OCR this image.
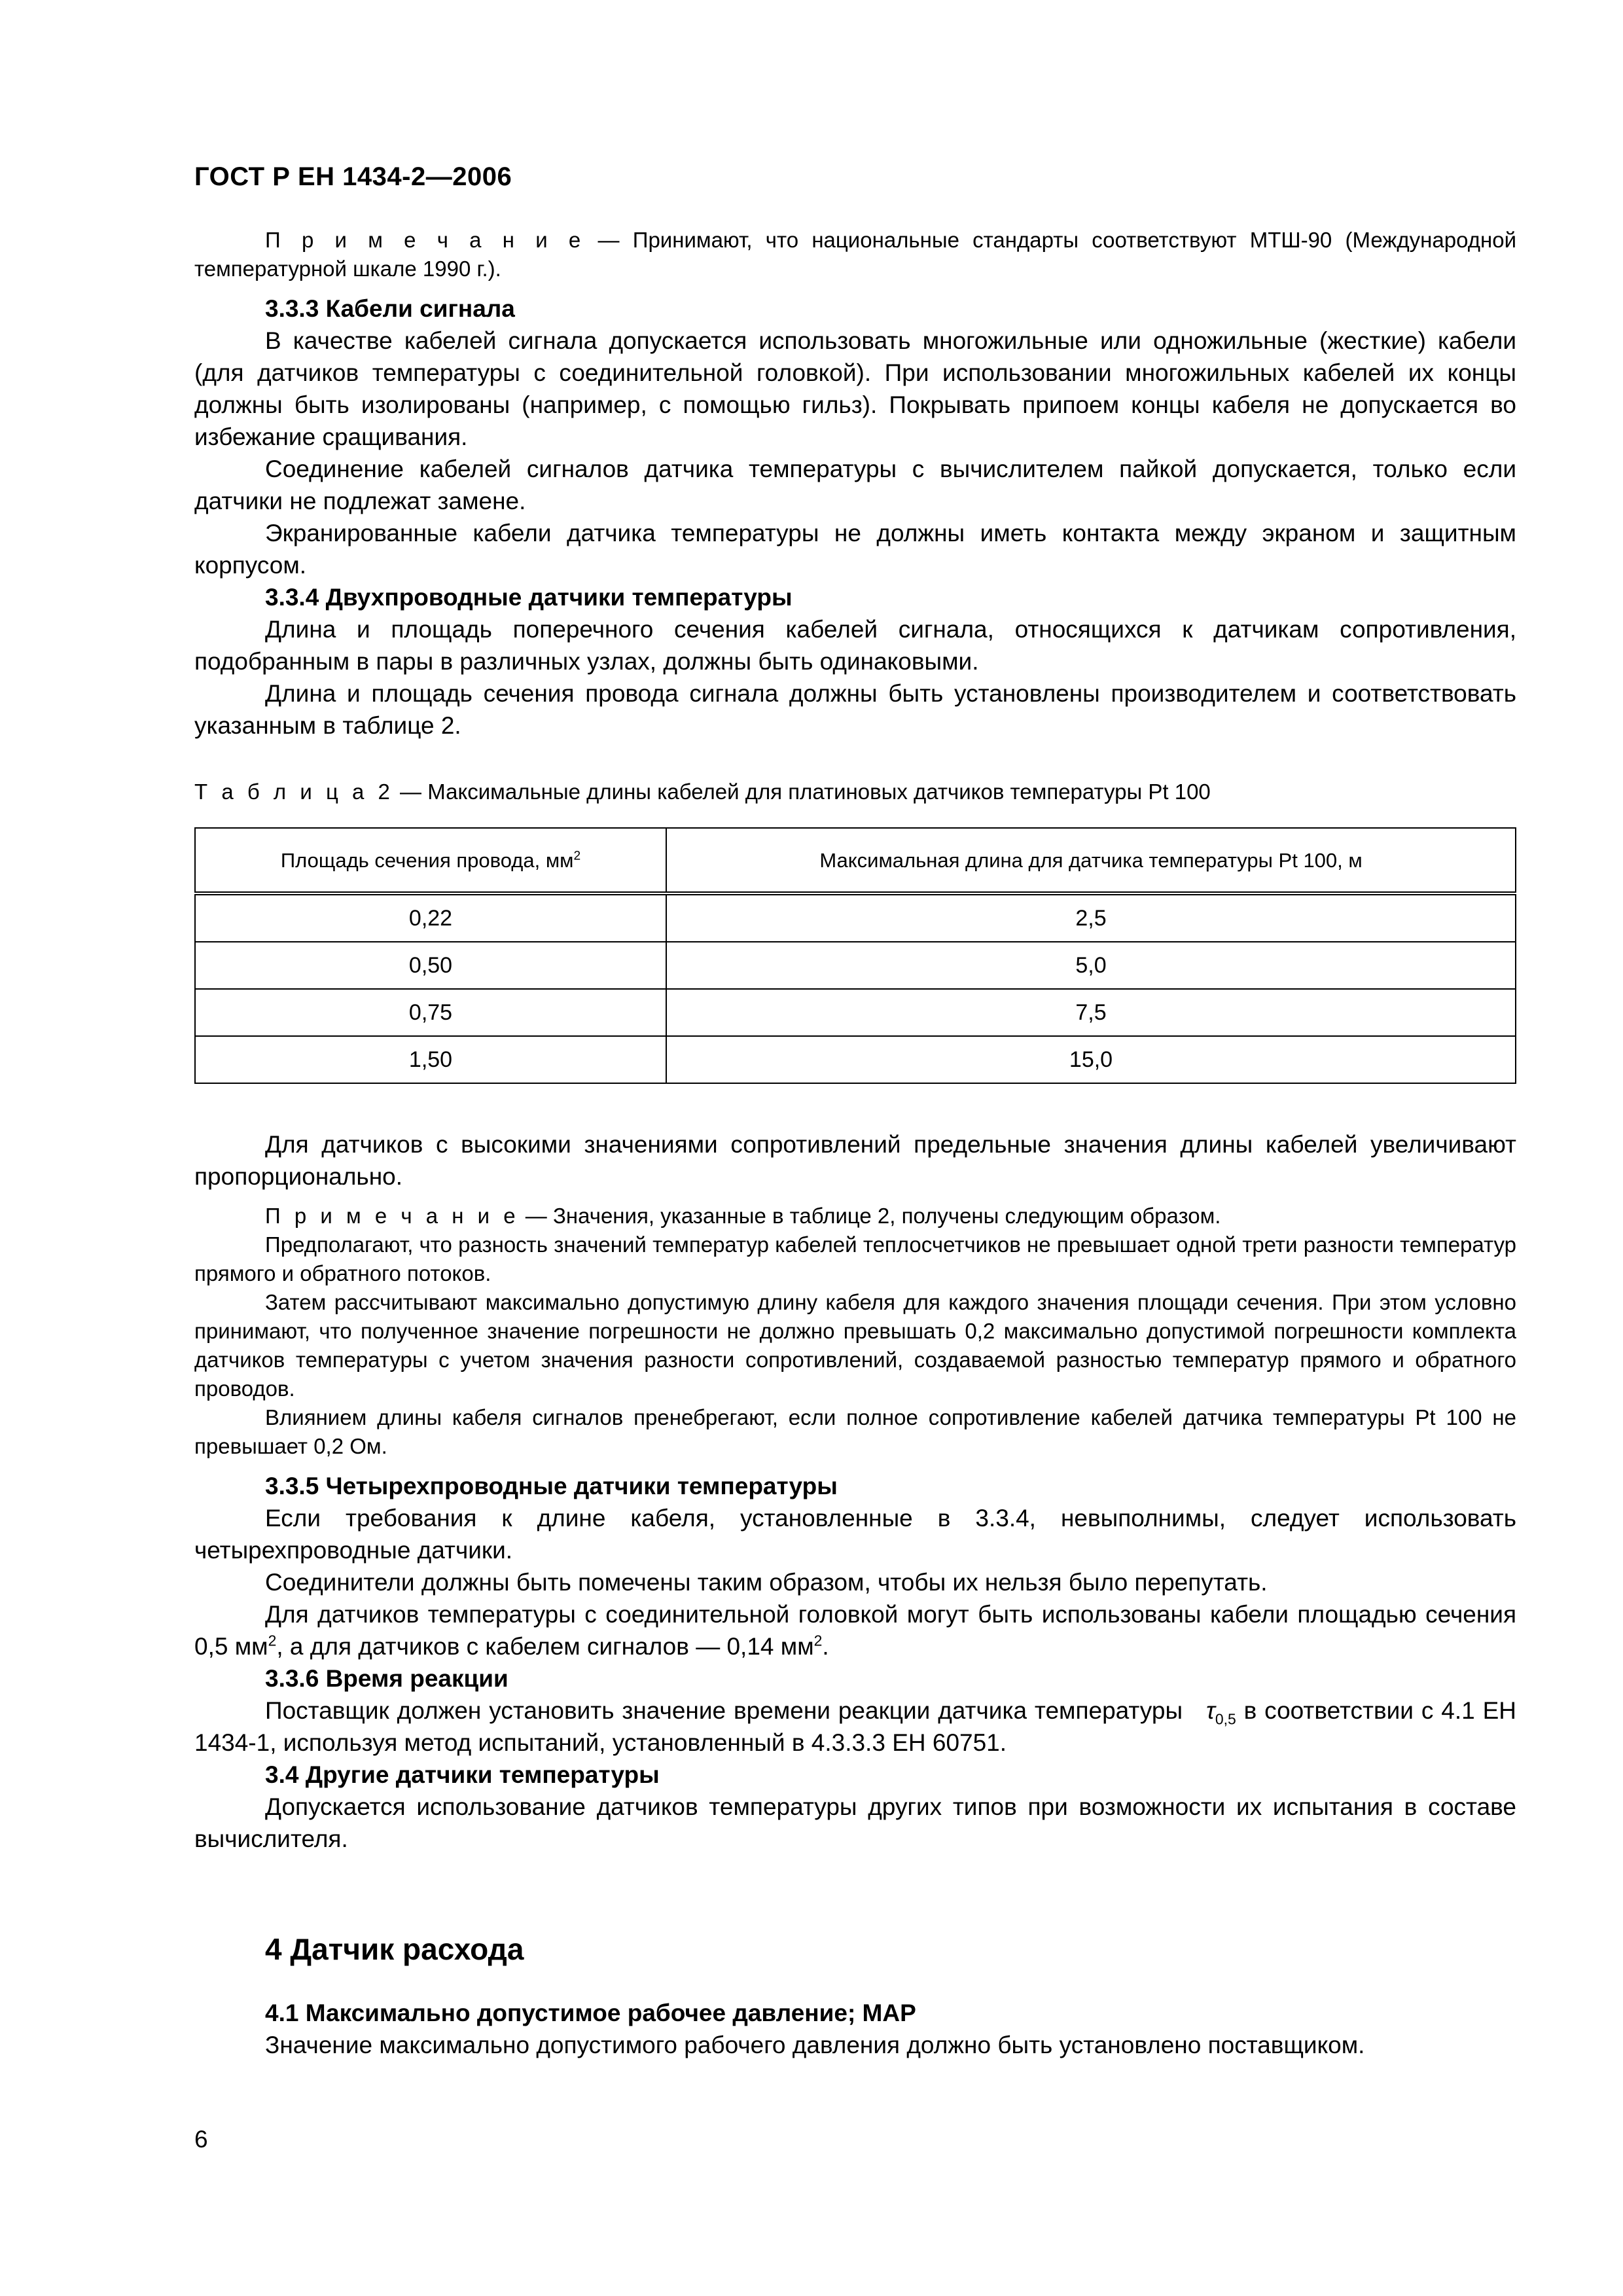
ГОСТ Р ЕН 1434-2—2006

П р и м е ч а н и е — Принимают, что национальные стандарты соответствуют МТШ-90 (Международной температурной шкале 1990 г.).

3.3.3 Кабели сигнала

В качестве кабелей сигнала допускается использовать многожильные или одножильные (жесткие) кабели (для датчиков температуры с соединительной головкой). При использовании многожильных кабелей их концы должны быть изолированы (например, с помощью гильз). Покрывать припоем концы кабеля не допускается во избежание сращивания.

Соединение кабелей сигналов датчика температуры с вычислителем пайкой допускается, только если датчики не подлежат замене.

Экранированные кабели датчика температуры не должны иметь контакта между экраном и защитным корпусом.

3.3.4 Двухпроводные датчики температуры

Длина и площадь поперечного сечения кабелей сигнала, относящихся к датчикам сопротивления, подобранным в пары в различных узлах, должны быть одинаковыми.

Длина и площадь сечения провода сигнала должны быть установлены производителем и соответствовать указанным в таблице 2.

Т а б л и ц а 2 — Максимальные длины кабелей для платиновых датчиков температуры Pt 100

Площадь сечения провода, $мм^2$	Максимальная длина для датчика температуры Pt 100, м
0,22	2,5
0,50	5,0
0,75	7,5
1,50	15,0

Для датчиков с высокими значениями сопротивлений предельные значения длины кабелей увеличивают пропорционально.

П р и м е ч а н и е — Значения, указанные в таблице 2, получены следующим образом.

Предполагают, что разность значений температур кабелей теплосчетчиков не превышает одной трети разности температур прямого и обратного потоков.

Затем рассчитывают максимально допустимую длину кабеля для каждого значения площади сечения. При этом условно принимают, что полученное значение погрешности не должно превышать 0,2 максимально допустимой погрешности комплекта датчиков температуры с учетом значения разности сопротивлений, создаваемой разностью температур прямого и обратного проводов.

Влиянием длины кабеля сигналов пренебрегают, если полное сопротивление кабелей датчика температуры Pt 100 не превышает 0,2 Ом.

3.3.5 Четырехпроводные датчики температуры

Если требования к длине кабеля, установленные в 3.3.4, невыполнимы, следует использовать четырехпроводные датчики.

Соединители должны быть помечены таким образом, чтобы их нельзя было перепутать.

Для датчиков температуры с соединительной головкой могут быть использованы кабели площадью сечения 0,5 $мм^2$, а для датчиков с кабелем сигналов — 0,14 $мм^2$.

3.3.6 Время реакции

Поставщик должен установить значение времени реакции датчика температуры $\tau_{0,5}$ в соответствии с 4.1 ЕН 1434-1, используя метод испытаний, установленный в 4.3.3.3 ЕН 60751.

3.4 Другие датчики температуры

Допускается использование датчиков температуры других типов при возможности их испытания в составе вычислителя.

4 Датчик расхода

4.1 Максимально допустимое рабочее давление; МАР

Значение максимально допустимого рабочего давления должно быть установлено поставщиком.

6
